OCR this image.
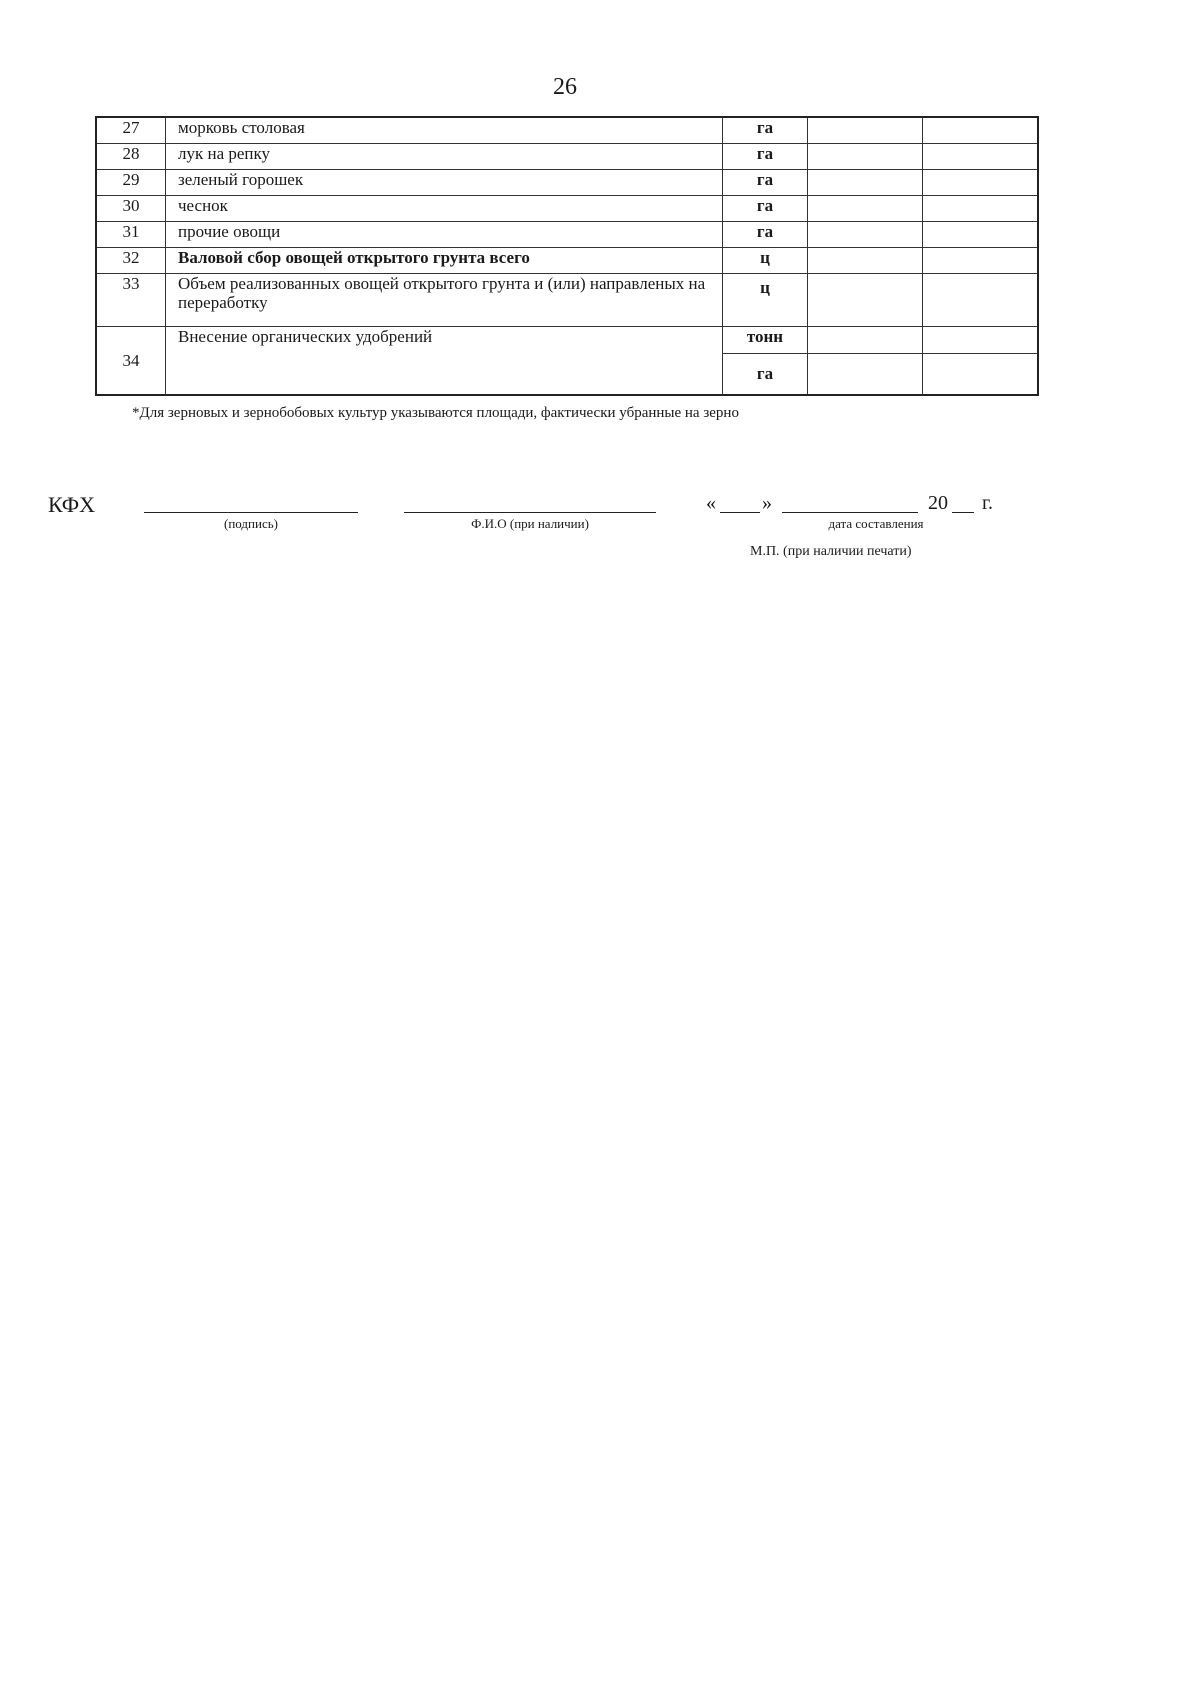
26
27	морковь столовая	га		
28	лук на репку	га		
29	зеленый горошек	га		
30	чеснок	га		
31	прочие овощи	га		
32	Валовой сбор овощей открытого грунта всего	ц		
33	Объем реализованных овощей открытого грунта и (или) направленых на переработку	ц		
34	Внесение органических удобрений	тонн		
		га		
*Для зерновых и зернобобовых культур указываются площади, фактически убранные на зерно
КФХ
(подпись)	Ф.И.О (при наличии)
« »	20 г.
дата составления
М.П. (при наличии печати)
